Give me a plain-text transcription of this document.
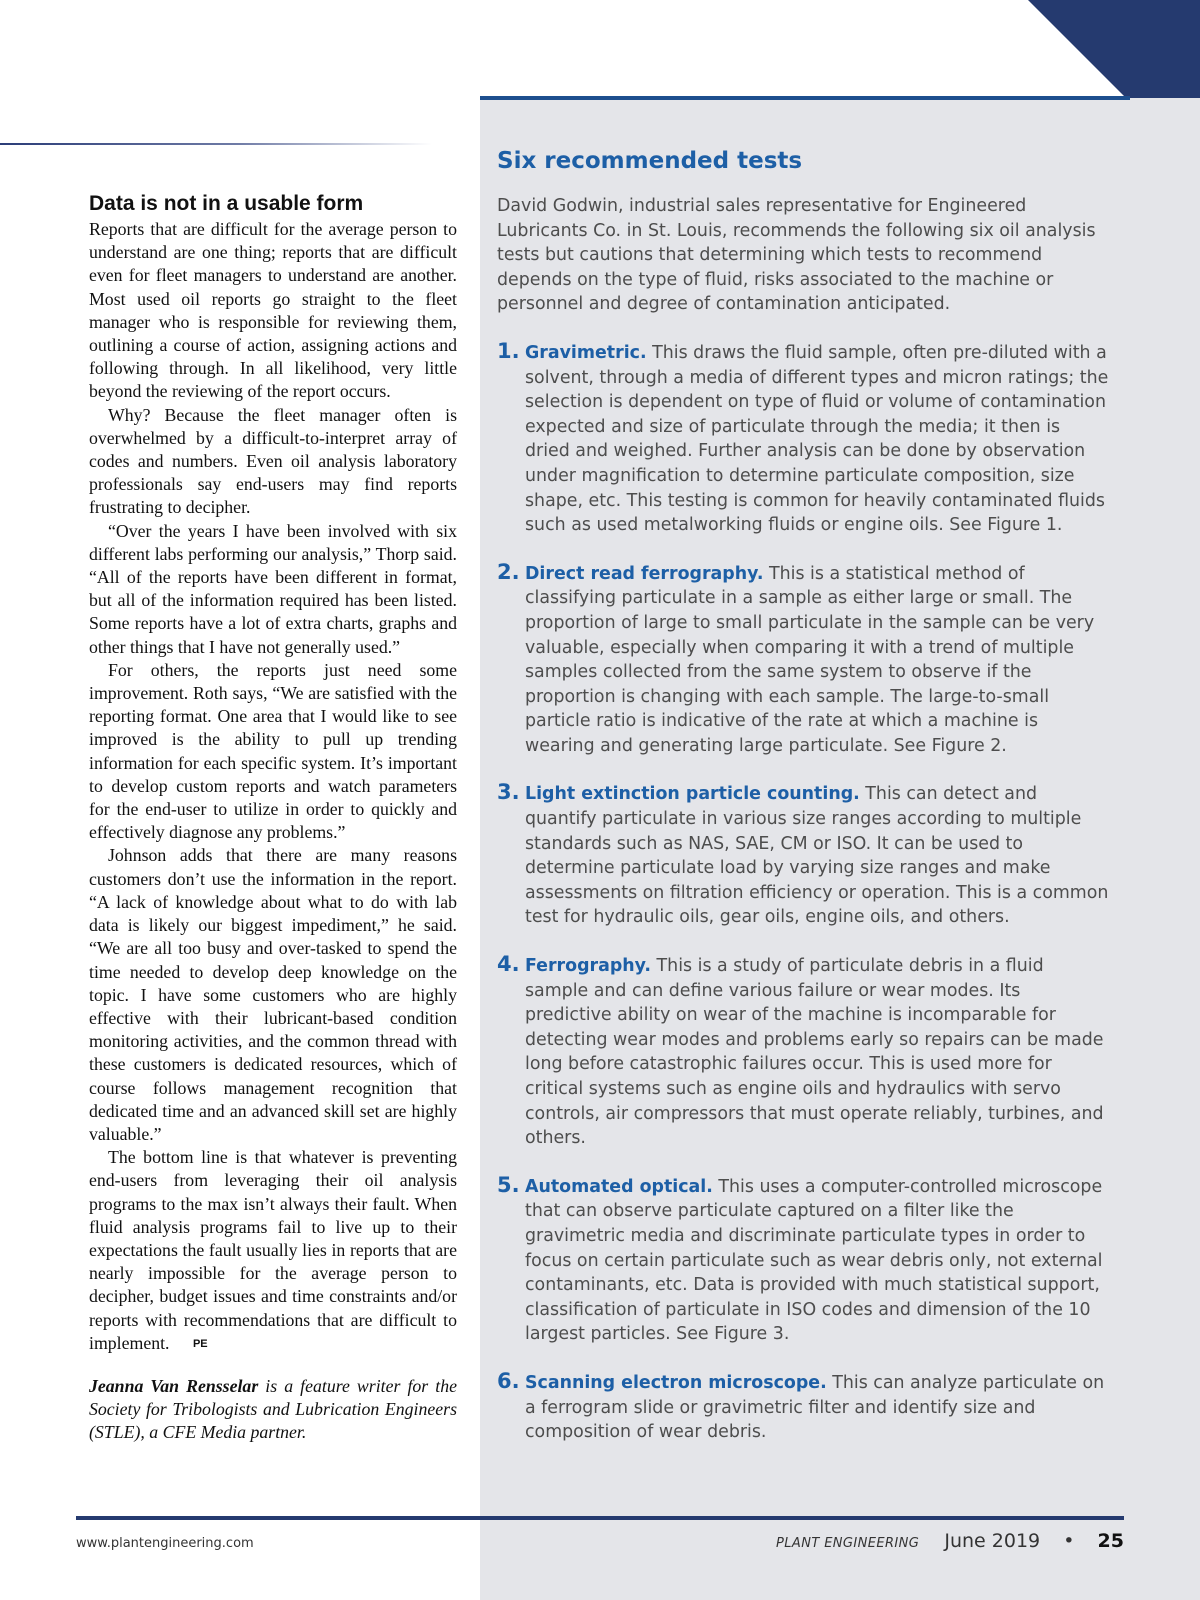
Data is not in a usable form

Reports that are difficult for the average person to understand are one thing; reports that are difficult even for fleet managers to understand are another. Most used oil reports go straight to the fleet manager who is responsible for reviewing them, outlining a course of action, assigning actions and following through. In all likelihood, very little beyond the reviewing of the report occurs.

Why? Because the fleet manager often is overwhelmed by a difficult-to-interpret array of codes and numbers. Even oil analysis laboratory professionals say end-users may find reports frustrating to decipher.

“Over the years I have been involved with six different labs performing our analysis,” Thorp said. “All of the reports have been different in format, but all of the information required has been listed. Some reports have a lot of extra charts, graphs and other things that I have not generally used.”

For others, the reports just need some improvement. Roth says, “We are satisfied with the reporting format. One area that I would like to see improved is the ability to pull up trending information for each specific system. It’s important to develop custom reports and watch parameters for the end-user to utilize in order to quickly and effectively diagnose any problems.”

Johnson adds that there are many reasons customers don’t use the information in the report. “A lack of knowledge about what to do with lab data is likely our biggest impediment,” he said. “We are all too busy and over-tasked to spend the time needed to develop deep knowledge on the topic. I have some customers who are highly effective with their lubricant-based condition monitoring activities, and the common thread with these customers is dedicated resources, which of course follows management recognition that dedicated time and an advanced skill set are highly valuable.”

The bottom line is that whatever is preventing end-users from leveraging their oil analysis programs to the max isn’t always their fault. When fluid analysis programs fail to live up to their expectations the fault usually lies in reports that are nearly impossible for the average person to decipher, budget issues and time constraints and/or reports with recommendations that are difficult to implement. PE

Jeanna Van Rensselar is a feature writer for the Society for Tribologists and Lubrication Engineers (STLE), a CFE Media partner.
Six recommended tests

David Godwin, industrial sales representative for Engineered Lubricants Co. in St. Louis, recommends the following six oil analysis tests but cautions that determining which tests to recommend depends on the type of fluid, risks associated to the machine or personnel and degree of contamination anticipated.

1. Gravimetric. This draws the fluid sample, often pre-diluted with a solvent, through a media of different types and micron ratings; the selection is dependent on type of fluid or volume of contamination expected and size of particulate through the media; it then is dried and weighed. Further analysis can be done by observation under magnification to determine particulate composition, size shape, etc. This testing is common for heavily contaminated fluids such as used metalworking fluids or engine oils. See Figure 1.
2. Direct read ferrography. This is a statistical method of classifying particulate in a sample as either large or small. The proportion of large to small particulate in the sample can be very valuable, especially when comparing it with a trend of multiple samples collected from the same system to observe if the proportion is changing with each sample. The large-to-small particle ratio is indicative of the rate at which a machine is wearing and generating large particulate. See Figure 2.
3. Light extinction particle counting. This can detect and quantify particulate in various size ranges according to multiple standards such as NAS, SAE, CM or ISO. It can be used to determine particulate load by varying size ranges and make assessments on filtration efficiency or operation. This is a common test for hydraulic oils, gear oils, engine oils, and others.
4. Ferrography. This is a study of particulate debris in a fluid sample and can define various failure or wear modes. Its predictive ability on wear of the machine is incomparable for detecting wear modes and problems early so repairs can be made long before catastrophic failures occur. This is used more for critical systems such as engine oils and hydraulics with servo controls, air compressors that must operate reliably, turbines, and others.
5. Automated optical. This uses a computer-controlled microscope that can observe particulate captured on a filter like the gravimetric media and discriminate particulate types in order to focus on certain particulate such as wear debris only, not external contaminants, etc. Data is provided with much statistical support, classification of particulate in ISO codes and dimension of the 10 largest particles. See Figure 3.
6. Scanning electron microscope. This can analyze particulate on a ferrogram slide or gravimetric filter and identify size and composition of wear debris.
www.plantengineering.com	PLANT ENGINEERING June 2019 • 25
